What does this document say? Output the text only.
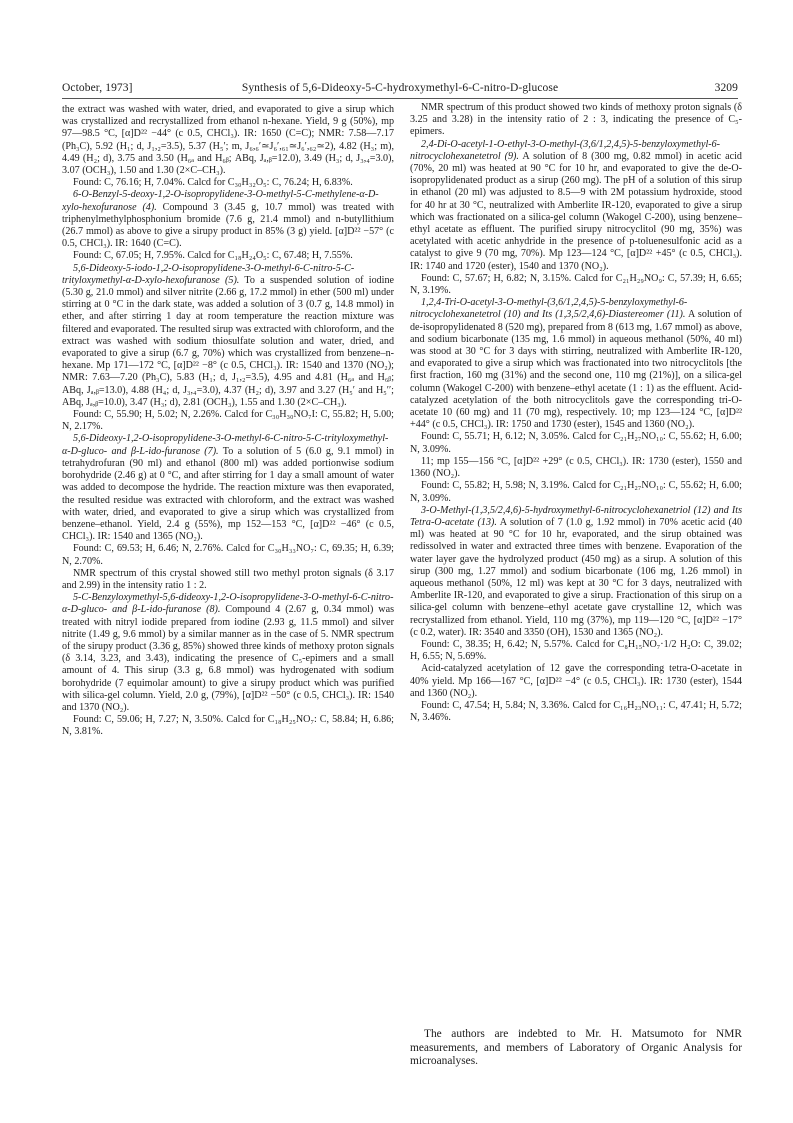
October, 1973]	Synthesis of 5,6-Dideoxy-5-C-hydroxymethyl-6-C-nitro-D-glucose	3209

the extract was washed with water, dried, and evaporated to give a sirup which was crystallized and recrystallized from ethanol n-hexane. Yield, 9 g (50%), mp 97—98.5 °C, [α]D²² −44° (c 0.5, CHCl₃). IR: 1650 (C=C); NMR: 7.58—7.17 (Ph₃C), 5.92 (H₁; d, J₁,₂=3.5), 5.37 (H₅′; m, J₆,₆′≃J₆′,₆₁≃J₆′,₆₂≃2), 4.82 (H₃; m), 4.49 (H₂; d), 3.75 and 3.50 (H₆ₐ and H₆ᵦ; ABq, Jₐ,ᵦ=12.0), 3.49 (H₃; d, J₃,₄=3.0), 3.07 (OCH₃), 1.50 and 1.30 (2×C–CH₃).

Found: C, 76.16; H, 7.04%. Calcd for C₃₀H₃₂O₅: C, 76.24; H, 6.83%.

6-O-Benzyl-5-deoxy-1,2-O-isopropylidene-3-O-methyl-5-C-methylene-α-D-xylo-hexofuranose (4). Compound 3 (3.45 g, 10.7 mmol) was treated with triphenylmethylphosphonium bromide (7.6 g, 21.4 mmol) and n-butyllithium (26.7 mmol) as above to give a sirupy product in 85% (3 g) yield. [α]D²² −57° (c 0.5, CHCl₃). IR: 1640 (C=C).

Found: C, 67.05; H, 7.95%. Calcd for C₁₈H₂₄O₅: C, 67.48; H, 7.55%.

5,6-Dideoxy-5-iodo-1,2-O-isopropylidene-3-O-methyl-6-C-nitro-5-C-trityloxymethyl-α-D-xylo-hexofuranose (5). To a suspended solution of iodine (5.30 g, 21.0 mmol) and silver nitrite (2.66 g, 17.2 mmol) in ether (500 ml) under stirring at 0 °C in the dark state, was added a solution of 3 (0.7 g, 14.8 mmol) in ether, and after stirring 1 day at room temperature the reaction mixture was filtered and evaporated. The resulted sirup was extracted with chloroform, and the extract was washed with sodium thiosulfate solution and water, dried, and evaporated to give a sirup (6.7 g, 70%) which was crystallized from benzene–n-hexane. Mp 171—172 °C, [α]D²² −8° (c 0.5, CHCl₃). IR: 1540 and 1370 (NO₂); NMR: 7.63—7.20 (Ph₃C), 5.83 (H₁; d, J₁,₂=3.5), 4.95 and 4.81 (H₆ₐ and H₆ᵦ; ABq, Jₐ,ᵦ=13.0), 4.88 (H₄; d, J₃,₄=3.0), 4.37 (H₂; d), 3.97 and 3.27 (H₅′ and H₅′′; ABq, Jₐ,ᵦ=10.0), 3.47 (H₃; d), 2.81 (OCH₃), 1.55 and 1.30 (2×C–CH₃).

Found: C, 55.90; H, 5.02; N, 2.26%. Calcd for C₃₀H₃₀NO₇I: C, 55.82; H, 5.00; N, 2.17%.

5,6-Dideoxy-1,2-O-isopropylidene-3-O-methyl-6-C-nitro-5-C-trityloxymethyl-α-D-gluco- and β-L-ido-furanose (7). To a solution of 5 (6.0 g, 9.1 mmol) in tetrahydrofuran (90 ml) and ethanol (800 ml) was added portionwise sodium borohydride (2.46 g) at 0 °C, and after stirring for 1 day a small amount of water was added to decompose the hydride. The reaction mixture was then evaporated, the resulted residue was extracted with chloroform, and the extract was washed with water, dried, and evaporated to give a sirup which was crystallized from benzene–ethanol. Yield, 2.4 g (55%), mp 152—153 °C, [α]D²² −46° (c 0.5, CHCl₃). IR: 1540 and 1365 (NO₂).

Found: C, 69.53; H, 6.46; N, 2.76%. Calcd for C₃₀H₃₃NO₇: C, 69.35; H, 6.39; N, 2.70%.

NMR spectrum of this crystal showed still two methyl proton signals (δ 3.17 and 2.99) in the intensity ratio 1 : 2.

5-C-Benzyloxymethyl-5,6-dideoxy-1,2-O-isopropylidene-3-O-methyl-6-C-nitro-α-D-gluco- and β-L-ido-furanose (8). Compound 4 (2.67 g, 0.34 mmol) was treated with nitryl iodide prepared from iodine (2.93 g, 11.5 mmol) and silver nitrite (1.49 g, 9.6 mmol) by a similar manner as in the case of 5. NMR spectrum of the sirupy product (3.36 g, 85%) showed three kinds of methoxy proton signals (δ 3.14, 3.23, and 3.43), indicating the presence of C₅-epimers and a small amount of 4. This sirup (3.3 g, 6.8 mmol) was hydrogenated with sodium borohydride (7 equimolar amount) to give a sirupy product which was purified with silica-gel column. Yield, 2.0 g, (79%), [α]D²² −50° (c 0.5, CHCl₃). IR: 1540 and 1370 (NO₂).

Found: C, 59.06; H, 7.27; N, 3.50%. Calcd for C₁₈H₂₅NO₇: C, 58.84; H, 6.86; N, 3.81%.

NMR spectrum of this product showed two kinds of methoxy proton signals (δ 3.25 and 3.28) in the intensity ratio of 2 : 3, indicating the presence of C₅-epimers.

2,4-Di-O-acetyl-1-O-ethyl-3-O-methyl-(3,6/1,2,4,5)-5-benzyloxymethyl-6-nitrocyclohexanetetrol (9). A solution of 8 (300 mg, 0.82 mmol) in acetic acid (70%, 20 ml) was heated at 90 °C for 10 hr, and evaporated to give the de-O-isopropylidenated product as a sirup (260 mg). The pH of a solution of this sirup in ethanol (20 ml) was adjusted to 8.5—9 with 2M potassium hydroxide, stood for 40 hr at 30 °C, neutralized with Amberlite IR-120, evaporated to give a sirup which was fractionated on a silica-gel column (Wakogel C-200), using benzene–ethyl acetate as effluent. The purified sirupy nitrocyclitol (90 mg, 35%) was acetylated with acetic anhydride in the presence of p-toluenesulfonic acid as a catalyst to give 9 (70 mg, 70%). Mp 123—124 °C, [α]D²² +45° (c 0.5, CHCl₃). IR: 1740 and 1720 (ester), 1540 and 1370 (NO₂).

Found: C, 57.67; H, 6.82; N, 3.15%. Calcd for C₂₁H₂₉NO₉: C, 57.39; H, 6.65; N, 3.19%.

1,2,4-Tri-O-acetyl-3-O-methyl-(3,6/1,2,4,5)-5-benzyloxymethyl-6-nitrocyclohexanetetrol (10) and Its (1,3,5/2,4,6)-Diastereomer (11). A solution of de-isopropylidenated 8 (520 mg), prepared from 8 (613 mg, 1.67 mmol) as above, and sodium bicarbonate (135 mg, 1.6 mmol) in aqueous methanol (50%, 40 ml) was stood at 30 °C for 3 days with stirring, neutralized with Amberlite IR-120, and evaporated to give a sirup which was fractionated into two nitrocyclitols [the first fraction, 160 mg (31%) and the second one, 110 mg (21%)], on a silica-gel column (Wakogel C-200) with benzene–ethyl acetate (1 : 1) as the effluent. Acid-catalyzed acetylation of the both nitrocyclitols gave the corresponding tri-O-acetate 10 (60 mg) and 11 (70 mg), respectively. 10; mp 123—124 °C, [α]D²² +44° (c 0.5, CHCl₃). IR: 1750 and 1730 (ester), 1545 and 1360 (NO₂).

Found: C, 55.71; H, 6.12; N, 3.05%. Calcd for C₂₁H₂₇NO₁₀: C, 55.62; H, 6.00; N, 3.09%.

11; mp 155—156 °C, [α]D²² +29° (c 0.5, CHCl₃). IR: 1730 (ester), 1550 and 1360 (NO₂).

Found: C, 55.82; H, 5.98; N, 3.19%. Calcd for C₂₁H₂₇NO₁₀: C, 55.62; H, 6.00; N, 3.09%.

3-O-Methyl-(1,3,5/2,4,6)-5-hydroxymethyl-6-nitrocyclohexanetriol (12) and Its Tetra-O-acetate (13). A solution of 7 (1.0 g, 1.92 mmol) in 70% acetic acid (40 ml) was heated at 90 °C for 10 hr, evaporated, and the sirup obtained was redissolved in water and extracted three times with benzene. Evaporation of the water layer gave the hydrolyzed product (450 mg) as a sirup. A solution of this sirup (300 mg, 1.27 mmol) and sodium bicarbonate (106 mg, 1.26 mmol) in aqueous methanol (50%, 12 ml) was kept at 30 °C for 3 days, neutralized with Amberlite IR-120, and evaporated to give a sirup. Fractionation of this sirup on a silica-gel column with benzene–ethyl acetate gave crystalline 12, which was recrystallized from ethanol. Yield, 110 mg (37%), mp 119—120 °C, [α]D²² −17° (c 0.2, water). IR: 3540 and 3350 (OH), 1530 and 1365 (NO₂).

Found: C, 38.35; H, 6.42; N, 5.57%. Calcd for C₈H₁₅NO₇·1/2 H₂O: C, 39.02; H, 6.55; N, 5.69%.

Acid-catalyzed acetylation of 12 gave the corresponding tetra-O-acetate in 40% yield. Mp 166—167 °C, [α]D²² −4° (c 0.5, CHCl₃). IR: 1730 (ester), 1544 and 1360 (NO₂).

Found: C, 47.54; H, 5.84; N, 3.36%. Calcd for C₁₆H₂₃NO₁₁: C, 47.41; H, 5.72; N, 3.46%.

The authors are indebted to Mr. H. Matsumoto for NMR measurements, and members of Laboratory of Organic Analysis for microanalyses.
